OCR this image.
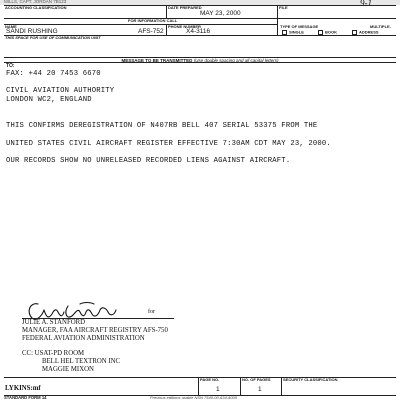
MILLS, CAPT. JORDAN 7B123	9-1
ACCOUNTING CLASSIFICATION	DATE PREPARED
MAY 23, 2000
FILE
FOR INFORMATION CALL
NAME
SANDI RUSHING	AFS-752
PHONE NUMBER
X4-3116
TYPE OF MESSAGE	MULTIPLE-
SINGLE	BOOK	ADDRESS
THIS SPACE FOR USE OF COMMUNICATION UNIT
MESSAGE TO BE TRANSMITTED (Use double spacing and all capital letters)
TO:
FAX: +44 20 7453 6670
CIVIL AVIATION AUTHORITY
LONDON WC2, ENGLAND
THIS CONFIRMS DEREGISTRATION OF N407RB BELL 407 SERIAL 53375 FROM THE
UNITED STATES CIVIL AIRCRAFT REGISTER EFFECTIVE 7:30AM CDT MAY 23, 2000.
OUR RECORDS SHOW NO UNRELEASED RECORDED LIENS AGAINST AIRCRAFT.
for
JULIE A. STANFORD
MANAGER, FAA AIRCRAFT REGISTRY AFS-750
FEDERAL AVIATION ADMINISTRATION
CC: USAT-PD ROOM
BELL HEL TEXTRON INC
MAGGIE MIXON
LYKINS:mf
PAGE NO.
1
NO. OF PAGES
1
SECURITY CLASSIFICATION
STANDARD FORM 14	Previous editions usable NSN 7540-00-634-4000
